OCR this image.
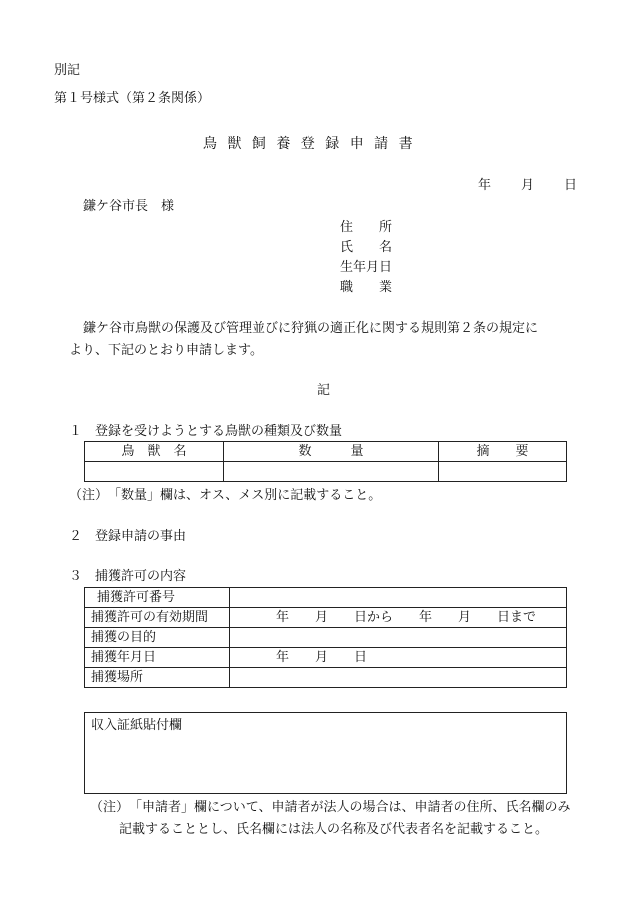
別記
第１号様式（第２条関係）
鳥 獣 飼 養 登 録 申 請 書
年 月 日
鎌ケ谷市長　様
住　　所
氏　　名
生年月日
職　　業
鎌ケ谷市鳥獣の保護及び管理並びに狩猟の適正化に関する規則第２条の規定に
より、下記のとおり申請します。
記
１　登録を受けようとする鳥獣の種類及び数量
鳥　獣　名	数　　　量	摘　　要

（注）　「数量」欄は、オス、メス別に記載すること。
２　登録申請の事由
３　捕獲許可の内容
捕獲許可番号	

捕獲許可の有効期間	年　　月　　日から　　年　　月　　日まで
捕獲の目的	
捕獲年月日	年　　月　　日
捕獲場所	
収入証紙貼付欄
（注）　「申請者」欄について、申請者が法人の場合は、申請者の住所、氏名欄のみ
記載することとし、氏名欄には法人の名称及び代表者名を記載すること。
